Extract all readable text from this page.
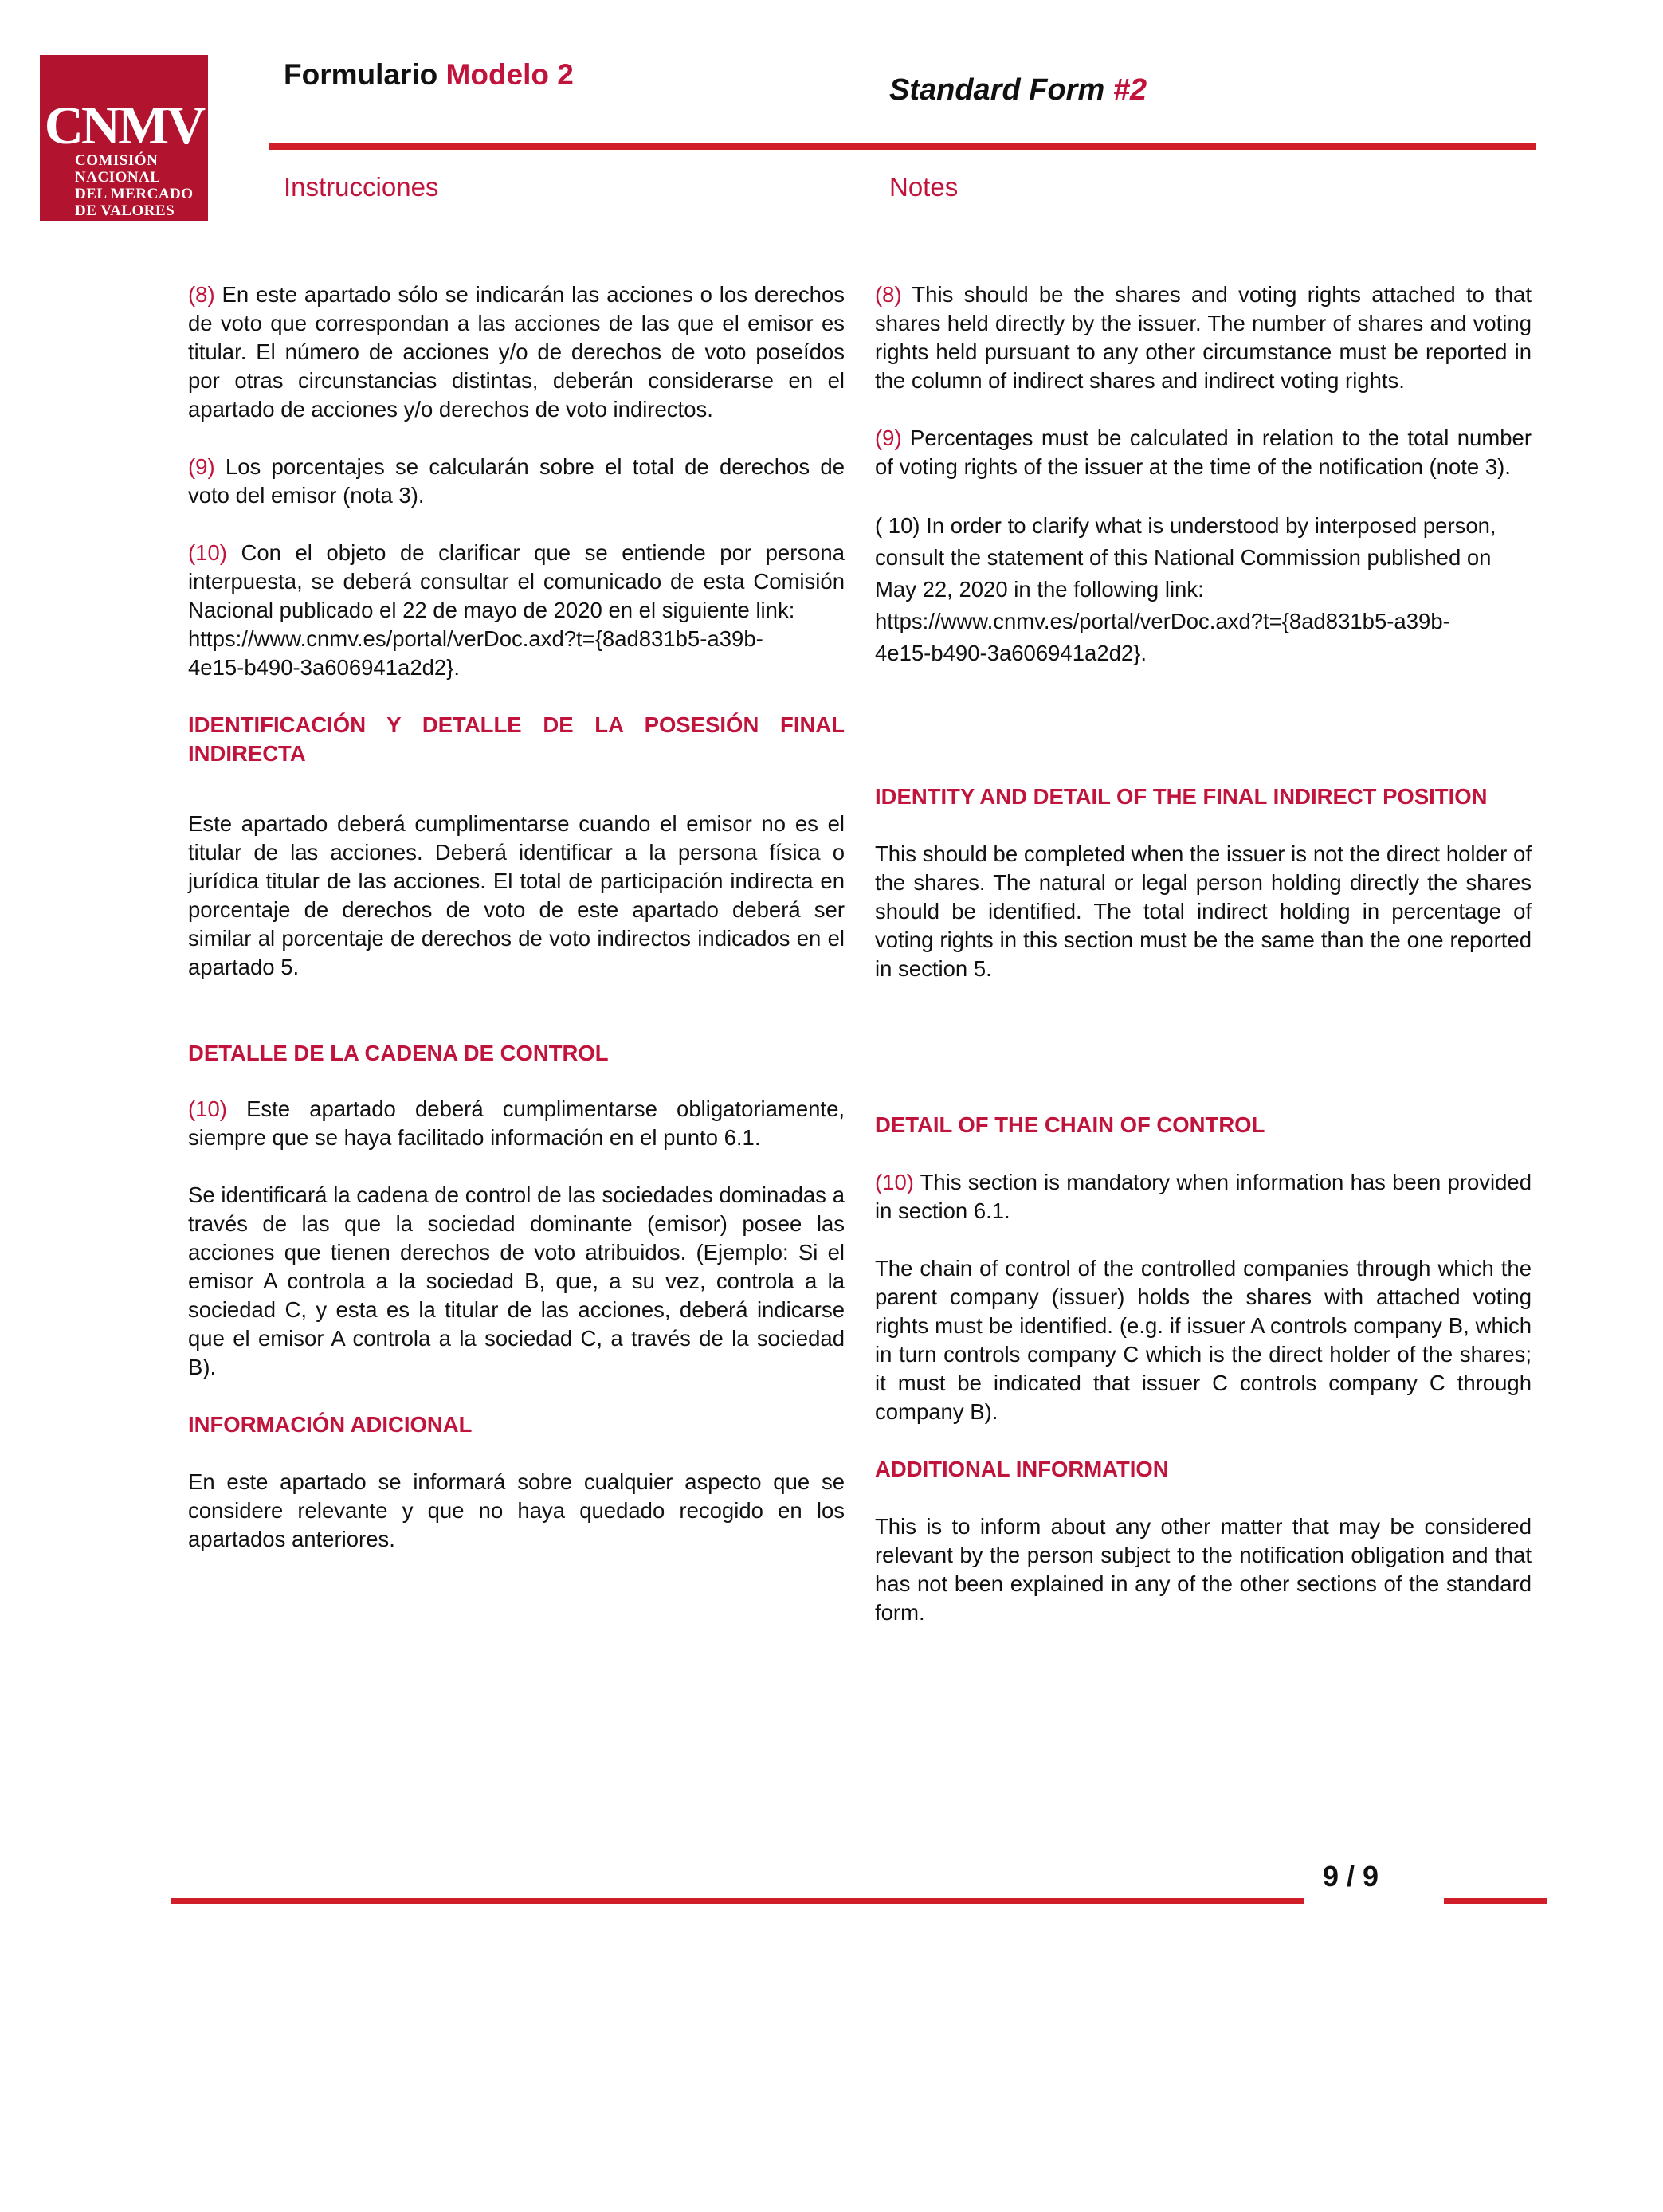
CNMV
COMISIÓN
NACIONAL
DEL MERCADO
DE VALORES
Formulario Modelo 2	Standard Form #2
Instrucciones	Notes

(8) En este apartado sólo se indicarán las acciones o los derechos de voto que correspondan a las acciones de las que el emisor es titular. El número de acciones y/o de derechos de voto poseídos por otras circunstancias distintas, deberán considerarse en el apartado de acciones y/o derechos de voto indirectos.

(9) Los porcentajes se calcularán sobre el total de derechos de voto del emisor (nota 3).

(10) Con el objeto de clarificar que se entiende por persona interpuesta, se deberá consultar el comunicado de esta Comisión Nacional publicado el 22 de mayo de 2020 en el siguiente link:
https://www.cnmv.es/portal/verDoc.axd?t={8ad831b5-a39b-
4e15-b490-3a606941a2d2}.

IDENTIFICACIÓN Y DETALLE DE LA POSESIÓN FINAL INDIRECTA

Este apartado deberá cumplimentarse cuando el emisor no es el titular de las acciones. Deberá identificar a la persona física o jurídica titular de las acciones. El total de participación indirecta en porcentaje de derechos de voto de este apartado deberá ser similar al porcentaje de derechos de voto indirectos indicados en el apartado 5.

DETALLE DE LA CADENA DE CONTROL

(10) Este apartado deberá cumplimentarse obligatoriamente, siempre que se haya facilitado información en el punto 6.1.

Se identificará la cadena de control de las sociedades dominadas a través de las que la sociedad dominante (emisor) posee las acciones que tienen derechos de voto atribuidos. (Ejemplo: Si el emisor A controla a la sociedad B, que, a su vez, controla a la sociedad C, y esta es la titular de las acciones, deberá indicarse que el emisor A controla a la sociedad C, a través de la sociedad B).

INFORMACIÓN ADICIONAL

En este apartado se informará sobre cualquier aspecto que se considere relevante y que no haya quedado recogido en los apartados anteriores.

(8) This should be the shares and voting rights attached to that shares held directly by the issuer. The number of shares and voting rights held pursuant to any other circumstance must be reported in the column of indirect shares and indirect voting rights.

(9) Percentages must be calculated in relation to the total number of voting rights of the issuer at the time of the notification (note 3).

( 10) In order to clarify what is understood by interposed person, consult the statement of this National Commission published on May 22, 2020 in the following link:
https://www.cnmv.es/portal/verDoc.axd?t={8ad831b5-a39b-
4e15-b490-3a606941a2d2}.

IDENTITY AND DETAIL OF THE FINAL INDIRECT POSITION

This should be completed when the issuer is not the direct holder of the shares. The natural or legal person holding directly the shares should be identified. The total indirect holding in percentage of voting rights in this section must be the same than the one reported in section 5.

DETAIL OF THE CHAIN OF CONTROL

(10) This section is mandatory when information has been provided in section 6.1.

The chain of control of the controlled companies through which the parent company (issuer) holds the shares with attached voting rights must be identified. (e.g. if issuer A controls company B, which in turn controls company C which is the direct holder of the shares; it must be indicated that issuer C controls company C through company B).

ADDITIONAL INFORMATION

This is to inform about any other matter that may be considered relevant by the person subject to the notification obligation and that has not been explained in any of the other sections of the standard form.

9 / 9
